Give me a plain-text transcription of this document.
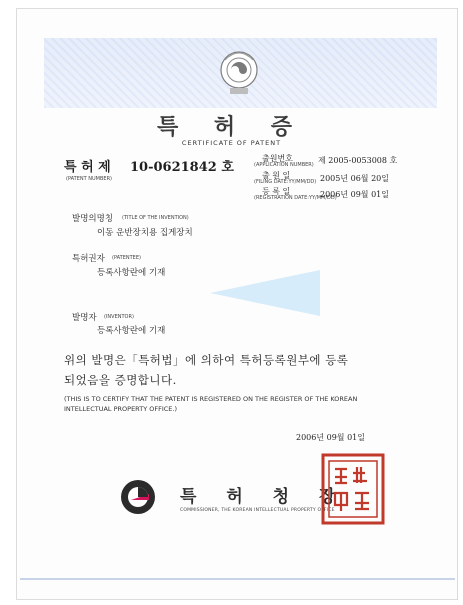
특 허 증
CERTIFICATE OF PATENT
특 허 제 10-0621842 호
(PATENT NUMBER)
출원번호
(APPLICATION NUMBER) 제 2005-0053008 호
출 원 일
(FILING DATE:YY/MM/DD) 2005년 06월 20일
등 록 일
(REGISTRATION DATE:YY/MM/DD)
2006년 09월 01일
발명의명칭 (TITLE OF THE INVENTION)
이동 운반장치용 집게장치
특허권자 (PATENTEE)
등록사항란에 기재
발명자 (INVENTOR)
등록사항란에 기재
위의 발명은「특허법」에 의하여 특허등록원부에 등록
되었음을 증명합니다.
(THIS IS TO CERTIFY THAT THE PATENT IS REGISTERED ON THE REGISTER OF THE KOREAN
INTELLECTUAL PROPERTY OFFICE.)
2006년 09월 01일
특 허 청 장
COMMISSIONER, THE KOREAN INTELLECTUAL PROPERTY OFFICE
